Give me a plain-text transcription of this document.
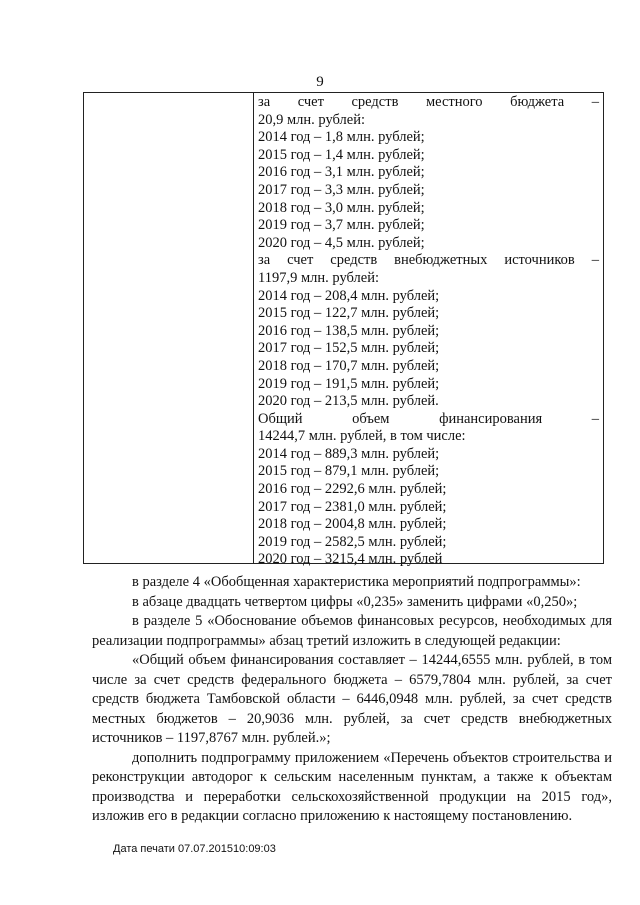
9
за счет средств местного бюджета –
20,9 млн. рублей:
2014 год – 1,8 млн. рублей;
2015 год – 1,4 млн. рублей;
2016 год – 3,1 млн. рублей;
2017 год – 3,3 млн. рублей;
2018 год – 3,0 млн. рублей;
2019 год – 3,7 млн. рублей;
2020 год – 4,5 млн. рублей;
за счет средств внебюджетных источников –
1197,9 млн. рублей:
2014 год – 208,4 млн. рублей;
2015 год – 122,7 млн. рублей;
2016 год – 138,5 млн. рублей;
2017 год – 152,5 млн. рублей;
2018 год – 170,7 млн. рублей;
2019 год – 191,5 млн. рублей;
2020 год – 213,5 млн. рублей.
Общий	объем	финансирования	–
14244,7 млн. рублей, в том числе:
2014 год – 889,3 млн. рублей;
2015 год – 879,1 млн. рублей;
2016 год – 2292,6 млн. рублей;
2017 год – 2381,0 млн. рублей;
2018 год – 2004,8 млн. рублей;
2019 год – 2582,5 млн. рублей;
2020 год – 3215,4 млн. рублей

в разделе 4 «Обобщенная характеристика мероприятий подпрограммы»:

в абзаце двадцать четвертом цифры «0,235» заменить цифрами «0,250»;

в разделе 5 «Обоснование объемов финансовых ресурсов, необходимых для реализации подпрограммы» абзац третий изложить в следующей редакции:

«Общий объем финансирования составляет – 14244,6555 млн. рублей, в том числе за счет средств федерального бюджета – 6579,7804 млн. рублей, за счет средств бюджета Тамбовской области – 6446,0948 млн. рублей, за счет средств местных бюджетов – 20,9036 млн. рублей, за счет средств внебюджетных источников – 1197,8767 млн. рублей.»;

дополнить подпрограмму приложением «Перечень объектов строительства и реконструкции автодорог к сельским населенным пунктам, а также к объектам производства и переработки сельскохозяйственной продукции на 2015 год», изложив его в редакции согласно приложению к настоящему постановлению.

Дата печати 07.07.201510:09:03
